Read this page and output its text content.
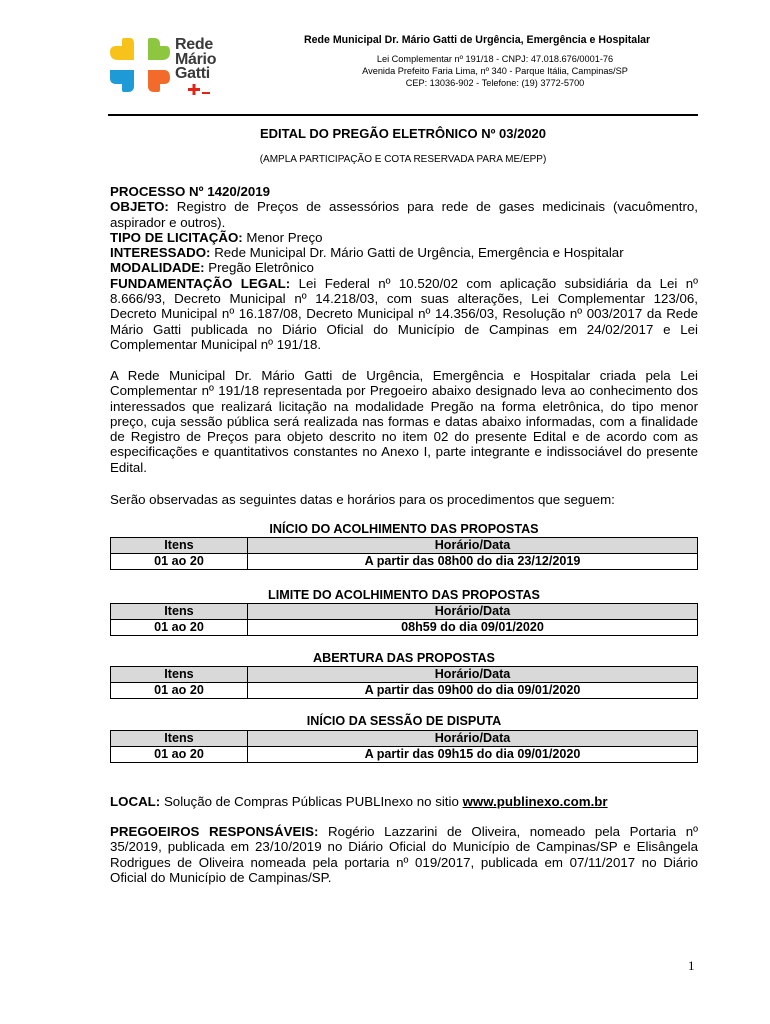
Rede
Mário
Gatti
Rede Municipal Dr. Mário Gatti de Urgência, Emergência e Hospitalar
Lei Complementar nº 191/18 - CNPJ: 47.018.676/0001-76
Avenida Prefeito Faria Lima, nº 340 - Parque Itália, Campinas/SP
CEP: 13036-902 - Telefone: (19) 3772-5700
EDITAL DO PREGÃO ELETRÔNICO Nº 03/2020
(AMPLA PARTICIPAÇÃO E COTA RESERVADA PARA ME/EPP)

PROCESSO Nº 1420/2019

OBJETO: Registro de Preços de assessórios para rede de gases medicinais (vacuômentro, aspirador e outros).

TIPO DE LICITAÇÃO: Menor Preço

INTERESSADO: Rede Municipal Dr. Mário Gatti de Urgência, Emergência e Hospitalar

MODALIDADE: Pregão Eletrônico

FUNDAMENTAÇÃO LEGAL: Lei Federal nº 10.520/02 com aplicação subsidiária da Lei nº 8.666/93, Decreto Municipal nº 14.218/03, com suas alterações, Lei Complementar 123/06, Decreto Municipal nº 16.187/08, Decreto Municipal nº 14.356/03, Resolução nº 003/2017 da Rede Mário Gatti publicada no Diário Oficial do Município de Campinas em 24/02/2017 e Lei Complementar Municipal nº 191/18.

A Rede Municipal Dr. Mário Gatti de Urgência, Emergência e Hospitalar criada pela Lei Complementar nº 191/18 representada por Pregoeiro abaixo designado leva ao conhecimento dos interessados que realizará licitação na modalidade Pregão na forma eletrônica, do tipo menor preço, cuja sessão pública será realizada nas formas e datas abaixo informadas, com a finalidade de Registro de Preços para objeto descrito no item 02 do presente Edital e de acordo com as especificações e quantitativos constantes no Anexo I, parte integrante e indissociável do presente Edital.
Serão observadas as seguintes datas e horários para os procedimentos que seguem:
INÍCIO DO ACOLHIMENTO DAS PROPOSTAS
Itens	Horário/Data
01 ao 20	A partir das 08h00 do dia 23/12/2019
LIMITE DO ACOLHIMENTO DAS PROPOSTAS
Itens	Horário/Data
01 ao 20	08h59 do dia 09/01/2020
ABERTURA DAS PROPOSTAS
Itens	Horário/Data
01 ao 20	A partir das 09h00 do dia 09/01/2020
INÍCIO DA SESSÃO DE DISPUTA
Itens	Horário/Data
01 ao 20	A partir das 09h15 do dia 09/01/2020
LOCAL: Solução de Compras Públicas PUBLInexo no sitio www.publinexo.com.br
PREGOEIROS RESPONSÁVEIS: Rogério Lazzarini de Oliveira, nomeado pela Portaria nº 35/2019, publicada em 23/10/2019 no Diário Oficial do Município de Campinas/SP e Elisângela Rodrigues de Oliveira nomeada pela portaria nº 019/2017, publicada em 07/11/2017 no Diário Oficial do Município de Campinas/SP.
1
